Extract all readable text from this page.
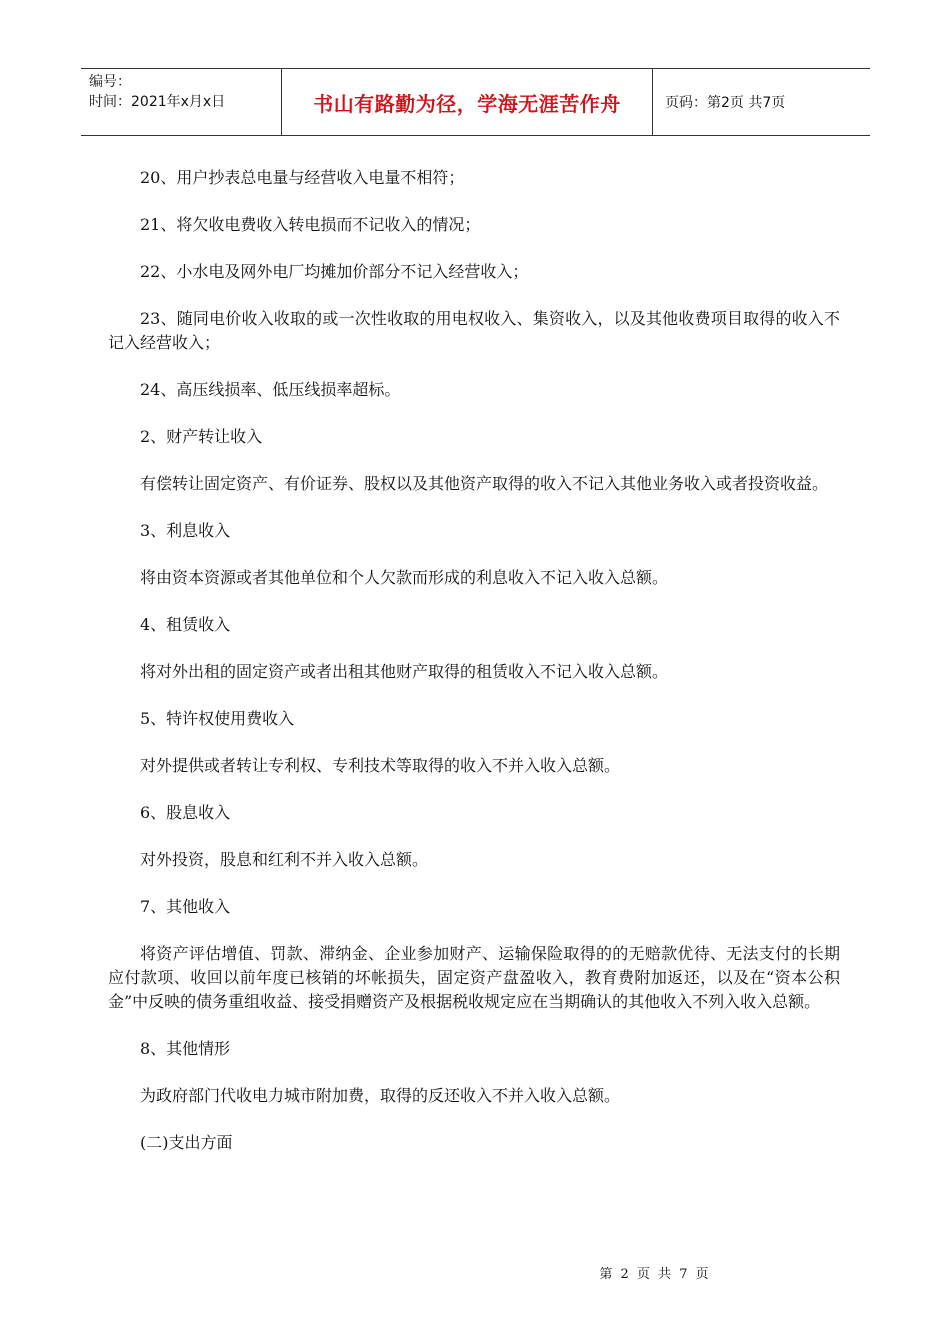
编号：
时间：2021年x月x日	书山有路勤为径，学海无涯苦作舟	页码：第2页 共7页

20、用户抄表总电量与经营收入电量不相符；

21、将欠收电费收入转电损而不记收入的情况；

22、小水电及网外电厂均摊加价部分不记入经营收入；

23、随同电价收入收取的或一次性收取的用电权收入、集资收入，以及其他收费项目取得的收入不记入经营收入；

24、高压线损率、低压线损率超标。

2、财产转让收入

有偿转让固定资产、有价证券、股权以及其他资产取得的收入不记入其他业务收入或者投资收益。

3、利息收入

将由资本资源或者其他单位和个人欠款而形成的利息收入不记入收入总额。

4、租赁收入

将对外出租的固定资产或者出租其他财产取得的租赁收入不记入收入总额。

5、特许权使用费收入

对外提供或者转让专利权、专利技术等取得的收入不并入收入总额。

6、股息收入

对外投资，股息和红利不并入收入总额。

7、其他收入

将资产评估增值、罚款、滞纳金、企业参加财产、运输保险取得的的无赔款优待、无法支付的长期应付款项、收回以前年度已核销的坏帐损失，固定资产盘盈收入，教育费附加返还，以及在“资本公积金”中反映的债务重组收益、接受捐赠资产及根据税收规定应在当期确认的其他收入不列入收入总额。

8、其他情形

为政府部门代收电力城市附加费，取得的反还收入不并入收入总额。

(二)支出方面

第 2 页 共 7 页
